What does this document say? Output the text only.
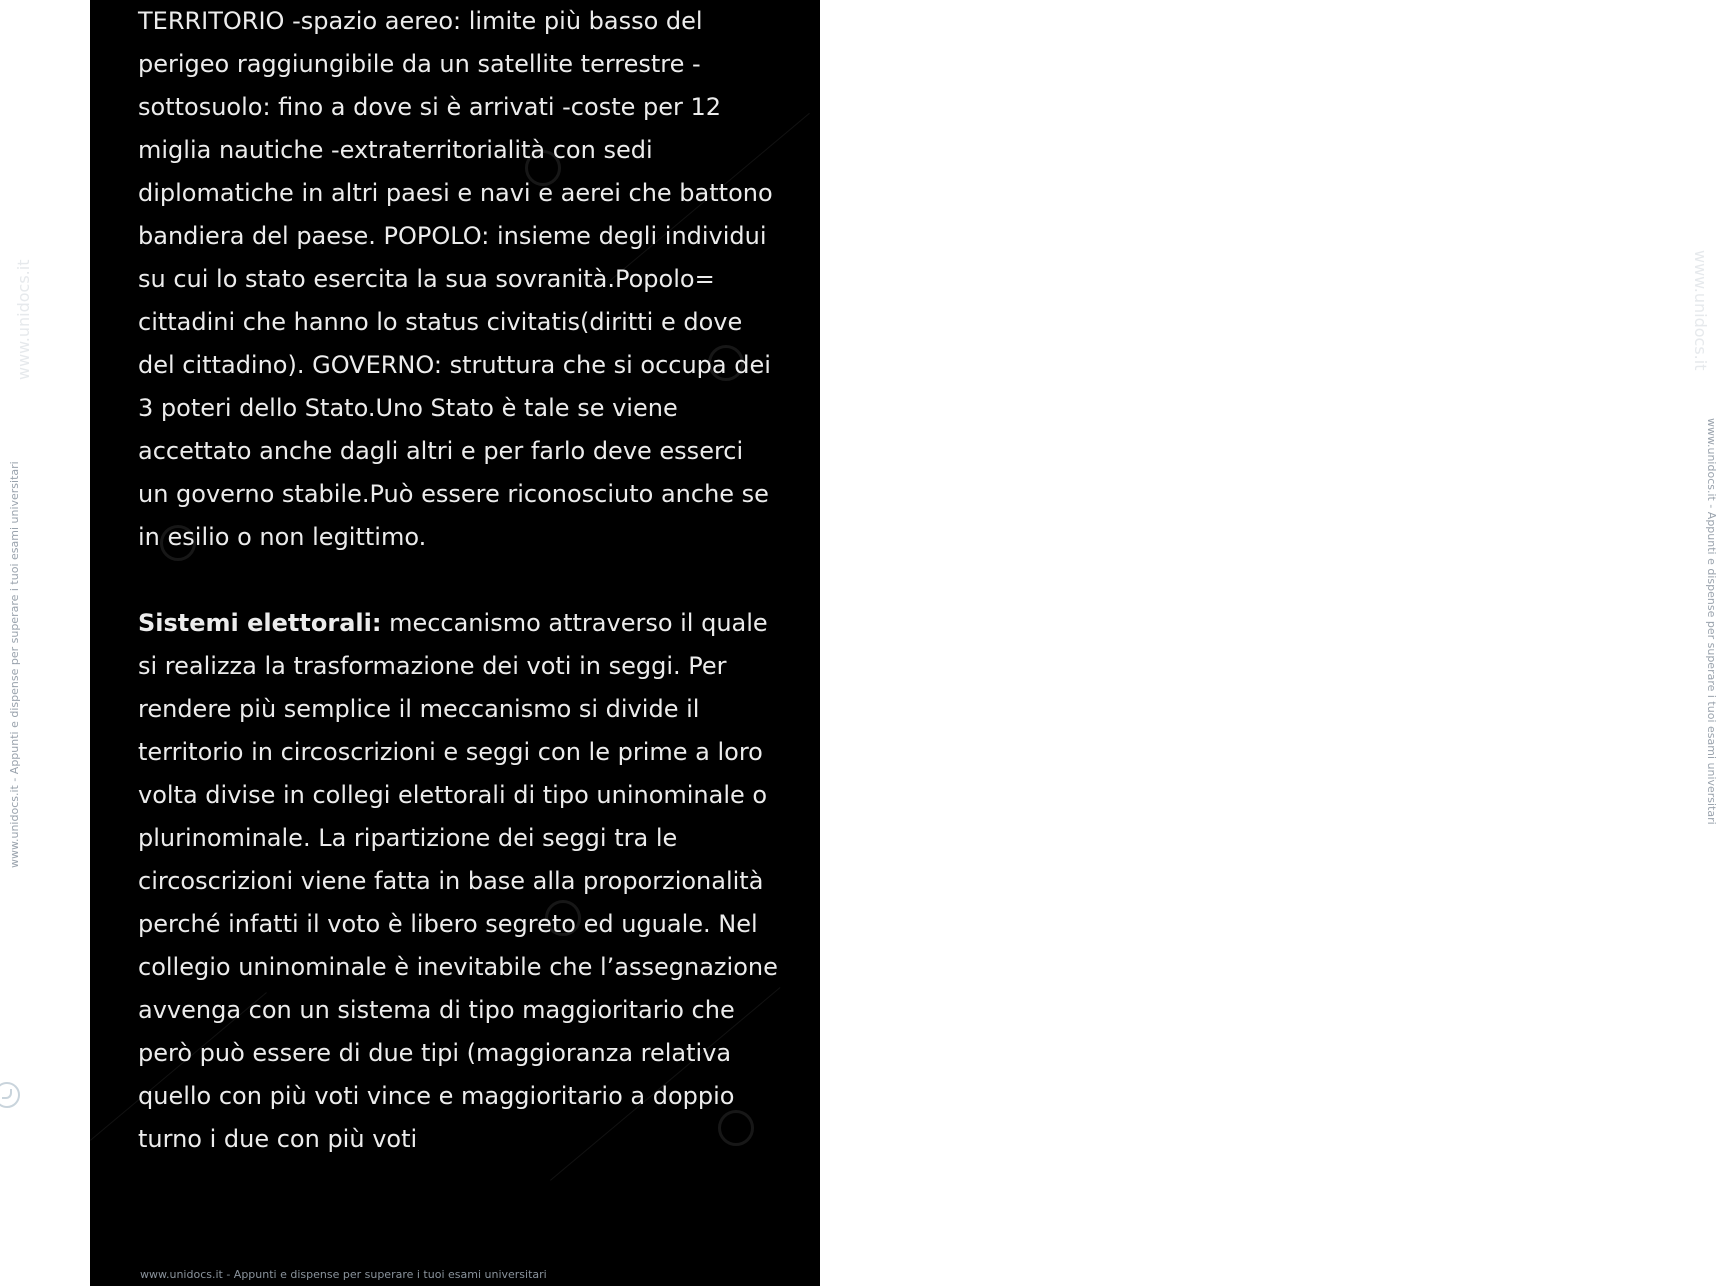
www.unidocs.it
www.unidocs.it - Appunti e dispense per superare i tuoi esami universitari
www.unidocs.it
www.unidocs.it - Appunti e dispense per superare i tuoi esami universitari

TERRITORIO -spazio aereo: limite più basso del perigeo raggiungibile da un satellite terrestre -sottosuolo: fino a dove si è arrivati -coste per 12 miglia nautiche -extraterritorialità con sedi diplomatiche in altri paesi e navi e aerei che battono bandiera del paese. POPOLO: insieme degli individui su cui lo stato esercita la sua sovranità.Popolo= cittadini che hanno lo status civitatis(diritti e dove del cittadino). GOVERNO: struttura che si occupa dei 3 poteri dello Stato.Uno Stato è tale se viene accettato anche dagli altri e per farlo deve esserci un governo stabile.Può essere riconosciuto anche se in esilio o non legittimo.

Sistemi elettorali: meccanismo attraverso il quale si realizza la trasformazione dei voti in seggi. Per rendere più semplice il meccanismo si divide il territorio in circoscrizioni e seggi con le prime a loro volta divise in collegi elettorali di tipo uninominale o plurinominale. La ripartizione dei seggi tra le circoscrizioni viene fatta in base alla proporzionalità perché infatti il voto è libero segreto ed uguale. Nel collegio uninominale è inevitabile che l’assegnazione avvenga con un sistema di tipo maggioritario che però può essere di due tipi (maggioranza relativa quello con più voti vince e maggioritario a doppio turno i due con più voti

www.unidocs.it - Appunti e dispense per superare i tuoi esami universitari
